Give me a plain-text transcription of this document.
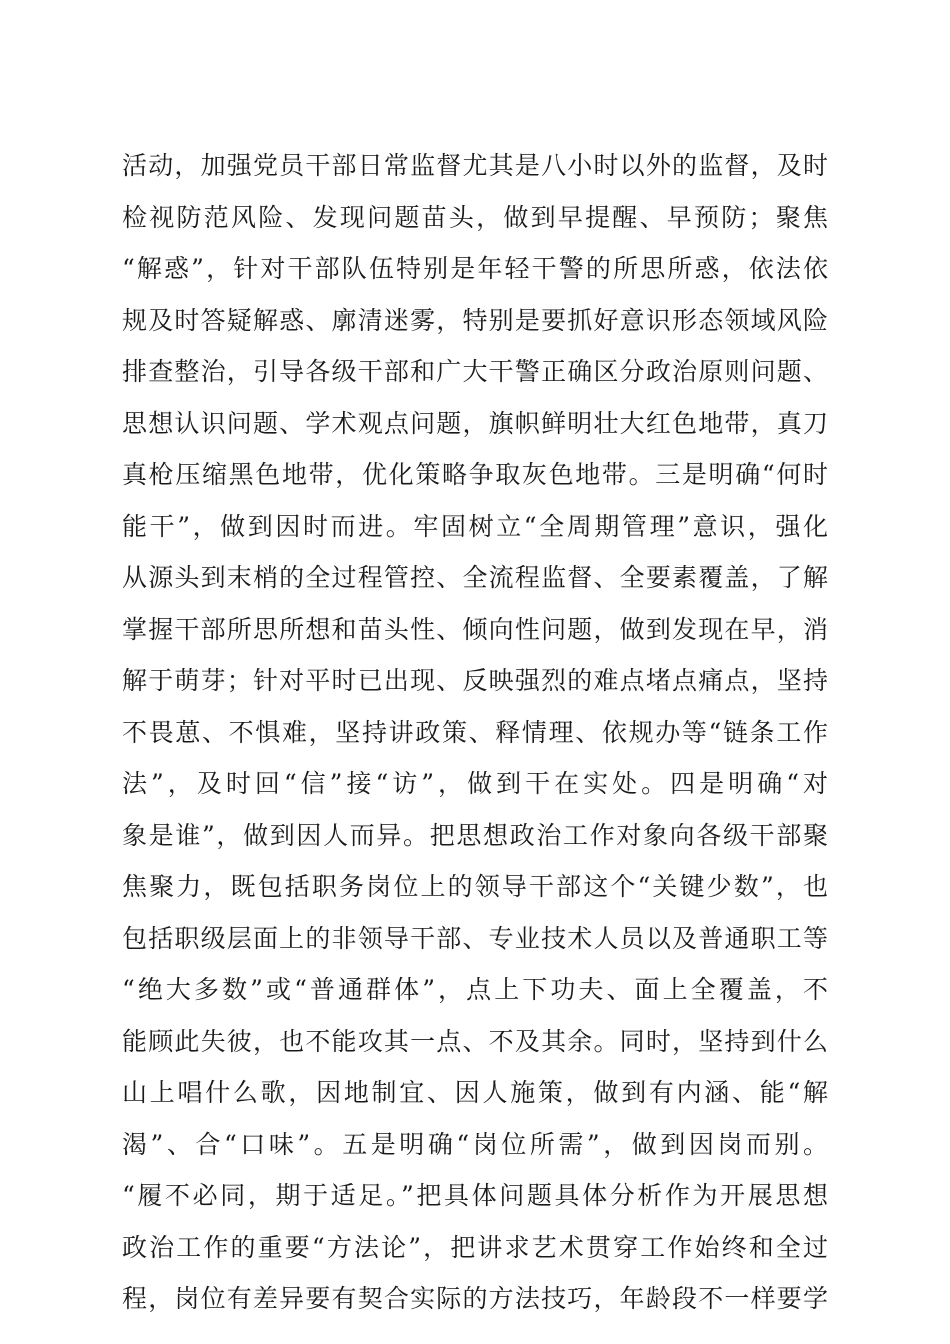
活动，加强党员干部日常监督尤其是八小时以外的监督，及时
检视防范风险、发现问题苗头，做到早提醒、早预防；聚焦
“解惑”，针对干部队伍特别是年轻干警的所思所惑，依法依
规及时答疑解惑、廓清迷雾，特别是要抓好意识形态领域风险
排查整治，引导各级干部和广大干警正确区分政治原则问题、
思想认识问题、学术观点问题，旗帜鲜明壮大红色地带，真刀
真枪压缩黑色地带，优化策略争取灰色地带。三是明确“何时
能干”，做到因时而进。牢固树立“全周期管理”意识，强化
从源头到末梢的全过程管控、全流程监督、全要素覆盖，了解
掌握干部所思所想和苗头性、倾向性问题，做到发现在早，消
解于萌芽；针对平时已出现、反映强烈的难点堵点痛点，坚持
不畏葸、不惧难，坚持讲政策、释情理、依规办等“链条工作
法”，及时回“信”接“访”，做到干在实处。四是明确“对
象是谁”，做到因人而异。把思想政治工作对象向各级干部聚
焦聚力，既包括职务岗位上的领导干部这个“关键少数”，也
包括职级层面上的非领导干部、专业技术人员以及普通职工等
“绝大多数”或“普通群体”，点上下功夫、面上全覆盖，不
能顾此失彼，也不能攻其一点、不及其余。同时，坚持到什么
山上唱什么歌，因地制宜、因人施策，做到有内涵、能“解
渴”、合“口味”。五是明确“岗位所需”，做到因岗而别。
“履不必同，期于适足。”把具体问题具体分析作为开展思想
政治工作的重要“方法论”，把讲求艺术贯穿工作始终和全过
程，岗位有差异要有契合实际的方法技巧，年龄段不一样要学
